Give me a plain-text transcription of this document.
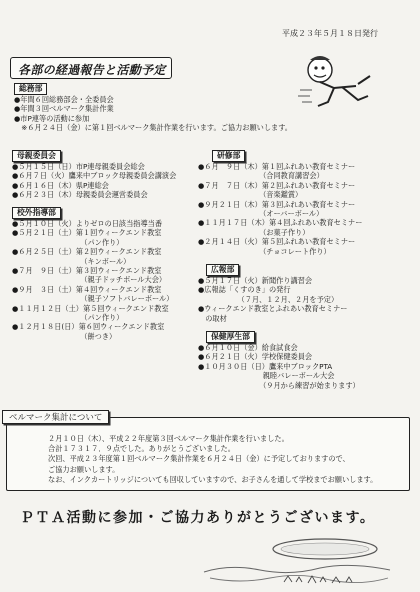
平成２３年５月１８日発行
各部の経過報告と活動予定
総務部
●年間６回総務部会・全委員会
●年間３回ベルマーク集計作業
●市P連等の活動に参加
　※６月２４日（金）に第１回ベルマーク集計作業を行います。ご協力お願いします。
母親委員会
●５月１５日（日）市P連母親委員会総会
●６月７日（火）鷹来中ブロック母親委員会講演会
●６月１６日（木）県P連総会
●６月２３日（木）母親委員会運営委員会
校外指導部
●５月１０日（火）よりゼロの日該当指導当番
●５月２１日（土）第１回ウィークエンド教室
　　　　　　　　　　（パン作り）
●６月２５日（土）第２回ウィークエンド教室
　　　　　　　　　　（キンボール）
●７月　９日（土）第３回ウィークエンド教室
　　　　　　　　　　（親子ドッチボール大会）
●９月　３日（土）第４回ウィークエンド教室
　　　　　　　　　　（親子ソフトバレーボール）
●１１月１２日（土）第５回ウィークエンド教室
　　　　　　　　　　（パン作り）
●１２月１８日(日）第６回ウィークエンド教室
　　　　　　　　　　（餅つき）
研修部
●６月　９日（木）第１回ふれあい教育セミナー
　　　　　　　　　（合同教育講習会）
●７月　７日（木）第２回ふれあい教育セミナー
　　　　　　　　　（音楽鑑賞）
●９月２１日（木）第３回ふれあい教育セミナー
　　　　　　　　　（オーバーボール）
●１１月１７日（木）第４回ふれあい教育セミナー
　　　　　　　　　（お菓子作り）
●２月１４日（火）第５回ふれあい教育セミナー
　　　　　　　　　（チョコレート作り）
広報部
●５月１７日（火）新聞作り講習会
●広報誌「くすのき」の発行
　　　　　　（７月、１２月、２月を予定）
●ウィークエンド教室とふれあい教育セミナー
　の取材
保健厚生部
●６月１０日（金）給食試食会
●６月２１日（火）学校保健委員会
●１０月３０日（日）鷹来中ブロックPTA
　　　　　　　　　親睦バレーボール大会
　　　　　　　　　（９月から練習が始まります）
ベルマーク集計について
２月１０日（木）、平成２２年度第３回ベルマーク集計作業を行いました。
合計１７３１７．９点でした。ありがとうございました。
次回、平成２３年度第１回ベルマーク集計作業を６月２４日（金）に予定しておりますので、
ご協力お願いします。
なお、インクカートリッジについても回収していますので、お子さんを通して学校までお願いします。
ＰＴＡ活動に参加・ご協力ありがとうございます。
